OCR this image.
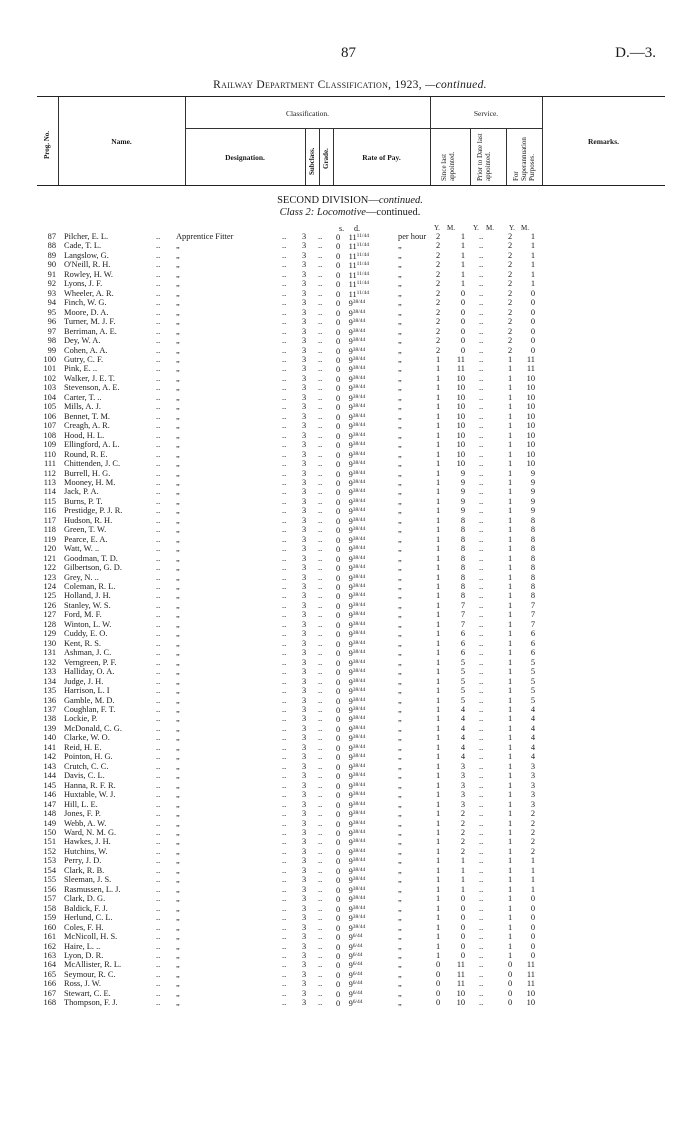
87	D.—3.
Railway Department Classification, 1923, —continued.
Prog. No.	Name.
Classification.
Designation.	Subclass. Grade.	Rate of Pay.
Service.
Since last appointed.	Prior to Date last appointed.	For Superannuation Purposes.
Remarks.
SECOND DIVISION—continued.
Class 2: Locomotive—continued.
s. d.	Y. M.	Y. M. Y. M.
87 Pilcher, E. L.	.. Apprentice Fitter	.. 3 .. 0 $11^{11/44}$	per hour 2	1 ..	2	1
88 Cade, T. L.	.. „	.. 3 .. 0 $11^{11/44}$	„	2	1 ..	2	1
89 Langslow, G.	.. „	.. 3 .. 0 $11^{11/44}$	„	2	1 ..	2	1
90 O'Neill, R. H.	.. „	.. 3 .. 0 $11^{11/44}$	„	2	1 ..	2	1
91 Rowley, H. W.	.. „	.. 3 .. 0 $11^{11/44}$	„	2	1 ..	2	1
92 Lyons, J. F.	.. „	.. 3 .. 0 $11^{11/44}$	„	2	1 ..	2	1
93 Wheeler, A. R.	.. „	.. 3 .. 0 $11^{11/44}$	„	2	0 ..	2	0
94 Finch, W. G.	.. „	.. 3 .. 0 $9^{38/44}$	„	2	0 ..	2	0
95 Moore, D. A.	.. „	.. 3 .. 0 $9^{38/44}$	„	2	0 ..	2	0
96 Turner, M. J. F.	.. „	.. 3 .. 0 $9^{38/44}$	„	2	0 ..	2	0
97 Berriman, A. E.	.. „	.. 3 .. 0 $9^{38/44}$	„	2	0 ..	2	0
98 Dey, W. A.	.. „	.. 3 .. 0 $9^{38/44}$	„	2	0 ..	2	0
99 Cohen, A. A.	.. „	.. 3 .. 0 $9^{38/44}$	„	2	0 ..	2	0
100 Gutry, C. F.	.. „	.. 3 .. 0 $9^{38/44}$	„	1	11 ..	1	11
101 Pink, E. ..	.. „	.. 3 .. 0 $9^{38/44}$	„	1	11 ..	1	11
102 Walker, J. E. T.	.. „	.. 3 .. 0 $9^{38/44}$	„	1	10 ..	1	10
103 Stevenson, A. E.	.. „	.. 3 .. 0 $9^{38/44}$	„	1	10 ..	1	10
104 Carter, T. ..	.. „	.. 3 .. 0 $9^{38/44}$	„	1	10 ..	1	10
105 Mills, A. J.	.. „	.. 3 .. 0 $9^{38/44}$	„	1	10 ..	1	10
106 Bennet, T. M.	.. „	.. 3 .. 0 $9^{38/44}$	„	1	10 ..	1	10
107 Creagh, A. R.	.. „	.. 3 .. 0 $9^{38/44}$	„	1	10 ..	1	10
108 Hood, H. L.	.. „	.. 3 .. 0 $9^{38/44}$	„	1	10 ..	1	10
109 Ellingford, A. L.	.. „	.. 3 .. 0 $9^{38/44}$	„	1	10 ..	1	10
110 Round, R. E.	.. „	.. 3 .. 0 $9^{38/44}$	„	1	10 ..	1	10
111 Chittenden, J. C.	.. „	.. 3 .. 0 $9^{38/44}$	„	1	10 ..	1	10
112 Burrell, H. G.	.. „	.. 3 .. 0 $9^{38/44}$	„	1	9 ..	1	9
113 Mooney, H. M.	.. „	.. 3 .. 0 $9^{38/44}$	„	1	9 ..	1	9
114 Jack, P. A.	.. „	.. 3 .. 0 $9^{38/44}$	„	1	9 ..	1	9
115 Burns, P. T.	.. „	.. 3 .. 0 $9^{38/44}$	„	1	9 ..	1	9
116 Prestidge, P. J. R.	.. „	.. 3 .. 0 $9^{38/44}$	„	1	9 ..	1	9
117 Hudson, R. H.	.. „	.. 3 .. 0 $9^{38/44}$	„	1	8 ..	1	8
118 Green, T. W.	.. „	.. 3 .. 0 $9^{38/44}$	„	1	8 ..	1	8
119 Pearce, E. A.	.. „	.. 3 .. 0 $9^{38/44}$	„	1	8 ..	1	8
120 Watt, W. ..	.. „	.. 3 .. 0 $9^{38/44}$	„	1	8 ..	1	8
121 Goodman, T. D.	.. „	.. 3 .. 0 $9^{38/44}$	„	1	8 ..	1	8
122 Gilbertson, G. D.	.. „	.. 3 .. 0 $9^{38/44}$	„	1	8 ..	1	8
123 Grey, N. ..	.. „	.. 3 .. 0 $9^{38/44}$	„	1	8 ..	1	8
124 Coleman, R. L.	.. „	.. 3 .. 0 $9^{38/44}$	„	1	8 ..	1	8
125 Holland, J. H.	.. „	.. 3 .. 0 $9^{38/44}$	„	1	8 ..	1	8
126 Stanley, W. S.	.. „	.. 3 .. 0 $9^{38/44}$	„	1	7 ..	1	7
127 Ford, M. F.	.. „	.. 3 .. 0 $9^{38/44}$	„	1	7 ..	1	7
128 Winton, L. W.	.. „	.. 3 .. 0 $9^{38/44}$	„	1	7 ..	1	7
129 Cuddy, E. O.	.. „	.. 3 .. 0 $9^{38/44}$	„	1	6 ..	1	6
130 Kent, R. S.	.. „	.. 3 .. 0 $9^{38/44}$	„	1	6 ..	1	6
131 Ashman, J. C.	.. „	.. 3 .. 0 $9^{38/44}$	„	1	6 ..	1	6
132 Verngreen, P. F.	.. „	.. 3 .. 0 $9^{38/44}$	„	1	5 ..	1	5
133 Halliday, O. A.	.. „	.. 3 .. 0 $9^{38/44}$	„	1	5 ..	1	5
134 Judge, J. H.	.. „	.. 3 .. 0 $9^{38/44}$	„	1	5 ..	1	5
135 Harrison, L. I	.. „	.. 3 .. 0 $9^{38/44}$	„	1	5 ..	1	5
136 Gamble, M. D.	.. „	.. 3 .. 0 $9^{38/44}$	„	1	5 ..	1	5
137 Coughlan, F. T.	.. „	.. 3 .. 0 $9^{38/44}$	„	1	4 ..	1	4
138 Lockie, P.	.. „	.. 3 .. 0 $9^{38/44}$	„	1	4 ..	1	4
139 McDonald, C. G.	.. „	.. 3 .. 0 $9^{38/44}$	„	1	4 ..	1	4
140 Clarke, W. O.	.. „	.. 3 .. 0 $9^{38/44}$	„	1	4 ..	1	4
141 Reid, H. E.	.. „	.. 3 .. 0 $9^{38/44}$	„	1	4 ..	1	4
142 Pointon, H. G.	.. „	.. 3 .. 0 $9^{38/44}$	„	1	4 ..	1	4
143 Crutch, C. C.	.. „	.. 3 .. 0 $9^{38/44}$	„	1	3 ..	1	3
144 Davis, C. L.	.. „	.. 3 .. 0 $9^{38/44}$	„	1	3 ..	1	3
145 Hanna, R. F. R.	.. „	.. 3 .. 0 $9^{38/44}$	„	1	3 ..	1	3
146 Huxtable, W. J.	.. „	.. 3 .. 0 $9^{38/44}$	„	1	3 ..	1	3
147 Hill, L. E.	.. „	.. 3 .. 0 $9^{38/44}$	„	1	3 ..	1	3
148 Jones, F. P.	.. „	.. 3 .. 0 $9^{38/44}$	„	1	2 ..	1	2
149 Webb, A. W.	.. „	.. 3 .. 0 $9^{38/44}$	„	1	2 ..	1	2
150 Ward, N. M. G.	.. „	.. 3 .. 0 $9^{38/44}$	„	1	2 ..	1	2
151 Hawkes, J. H.	.. „	.. 3 .. 0 $9^{38/44}$	„	1	2 ..	1	2
152 Hutchins, W.	.. „	.. 3 .. 0 $9^{38/44}$	„	1	2 ..	1	2
153 Perry, J. D.	.. „	.. 3 .. 0 $9^{38/44}$	„	1	1 ..	1	1
154 Clark, R. B.	.. „	.. 3 .. 0 $9^{38/44}$	„	1	1 ..	1	1
155 Sleeman, J. S.	.. „	.. 3 .. 0 $9^{38/44}$	„	1	1 ..	1	1
156 Rasmussen, L. J.	.. „	.. 3 .. 0 $9^{38/44}$	„	1	1 ..	1	1
157 Clark, D. G.	.. „	.. 3 .. 0 $9^{38/44}$	„	1	0 ..	1	0
158 Baldick, F. J.	.. „	.. 3 .. 0 $9^{38/44}$	„	1	0 ..	1	0
159 Herlund, C. L.	.. „	.. 3 .. 0 $9^{38/44}$	„	1	0 ..	1	0
160 Coles, F. H.	.. „	.. 3 .. 0 $9^{38/44}$	„	1	0 ..	1	0
161 McNicoll, H. S.	.. „	.. 3 .. 0 $9^{6/44}$	„	1	0 ..	1	0
162 Haire, L. ..	.. „	.. 3 .. 0 $9^{6/44}$	„	1	0 ..	1	0
163 Lyon, D. R.	.. „	.. 3 .. 0 $9^{6/44}$	„	1	0 ..	1	0
164 McAllister, R. L.	.. „	.. 3 .. 0 $9^{6/44}$	„	0	11 ..	0	11
165 Seymour, R. C.	.. „	.. 3 .. 0 $9^{6/44}$	„	0	11 ..	0	11
166 Ross, J. W.	.. „	.. 3 .. 0 $9^{6/44}$	„	0	11 ..	0	11
167 Stewart, C. E.	.. „	.. 3 .. 0 $9^{6/44}$	„	0	10 ..	0	10
168 Thompson, F. J.	.. „	.. 3 .. 0 $9^{6/44}$	„	0	10 ..	0	10
